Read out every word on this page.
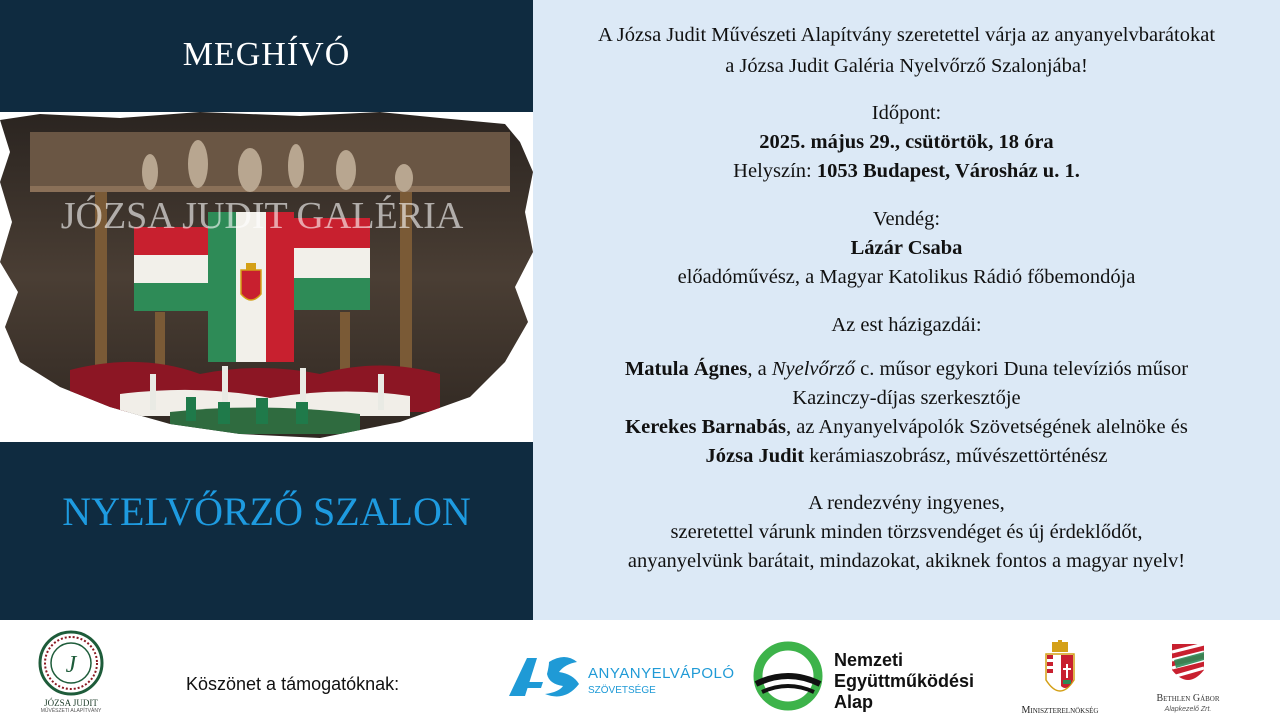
MEGHÍVÓ
JÓZSA JUDIT GALÉRIA
NYELVŐRZŐ SZALON
A Józsa Judit Művészeti Alapítvány szeretettel várja az anyanyelvbarátokat
a Józsa Judit Galéria Nyelvőrző Szalonjába!
Időpont:
2025. május 29., csütörtök, 18 óra
Helyszín: 1053 Budapest, Városház u. 1.
Vendég:
Lázár Csaba
előadóművész, a Magyar Katolikus Rádió főbemondója
Az est házigazdái:
Matula Ágnes, a Nyelvőrző c. műsor egykori Duna televíziós műsor
Kazinczy-díjas szerkesztője
Kerekes Barnabás, az Anyanyelvápolók Szövetségének alelnöke és
Józsa Judit kerámiaszobrász, művészettörténész
A rendezvény ingyenes,
szeretettel várunk minden törzsvendéget és új érdeklődőt,
anyanyelvünk barátait, mindazokat, akiknek fontos a magyar nyelv!
J
JÓZSA JUDIT
MŰVÉSZETI ALAPÍTVÁNY
Köszönet a támogatóknak:
ANYANYELVÁPOLÓ
SZÖVETSÉGE
Nemzeti
Együttműködési
Alap	Miniszterelnökség
Bethlen Gábor
Alapkezelő Zrt.
